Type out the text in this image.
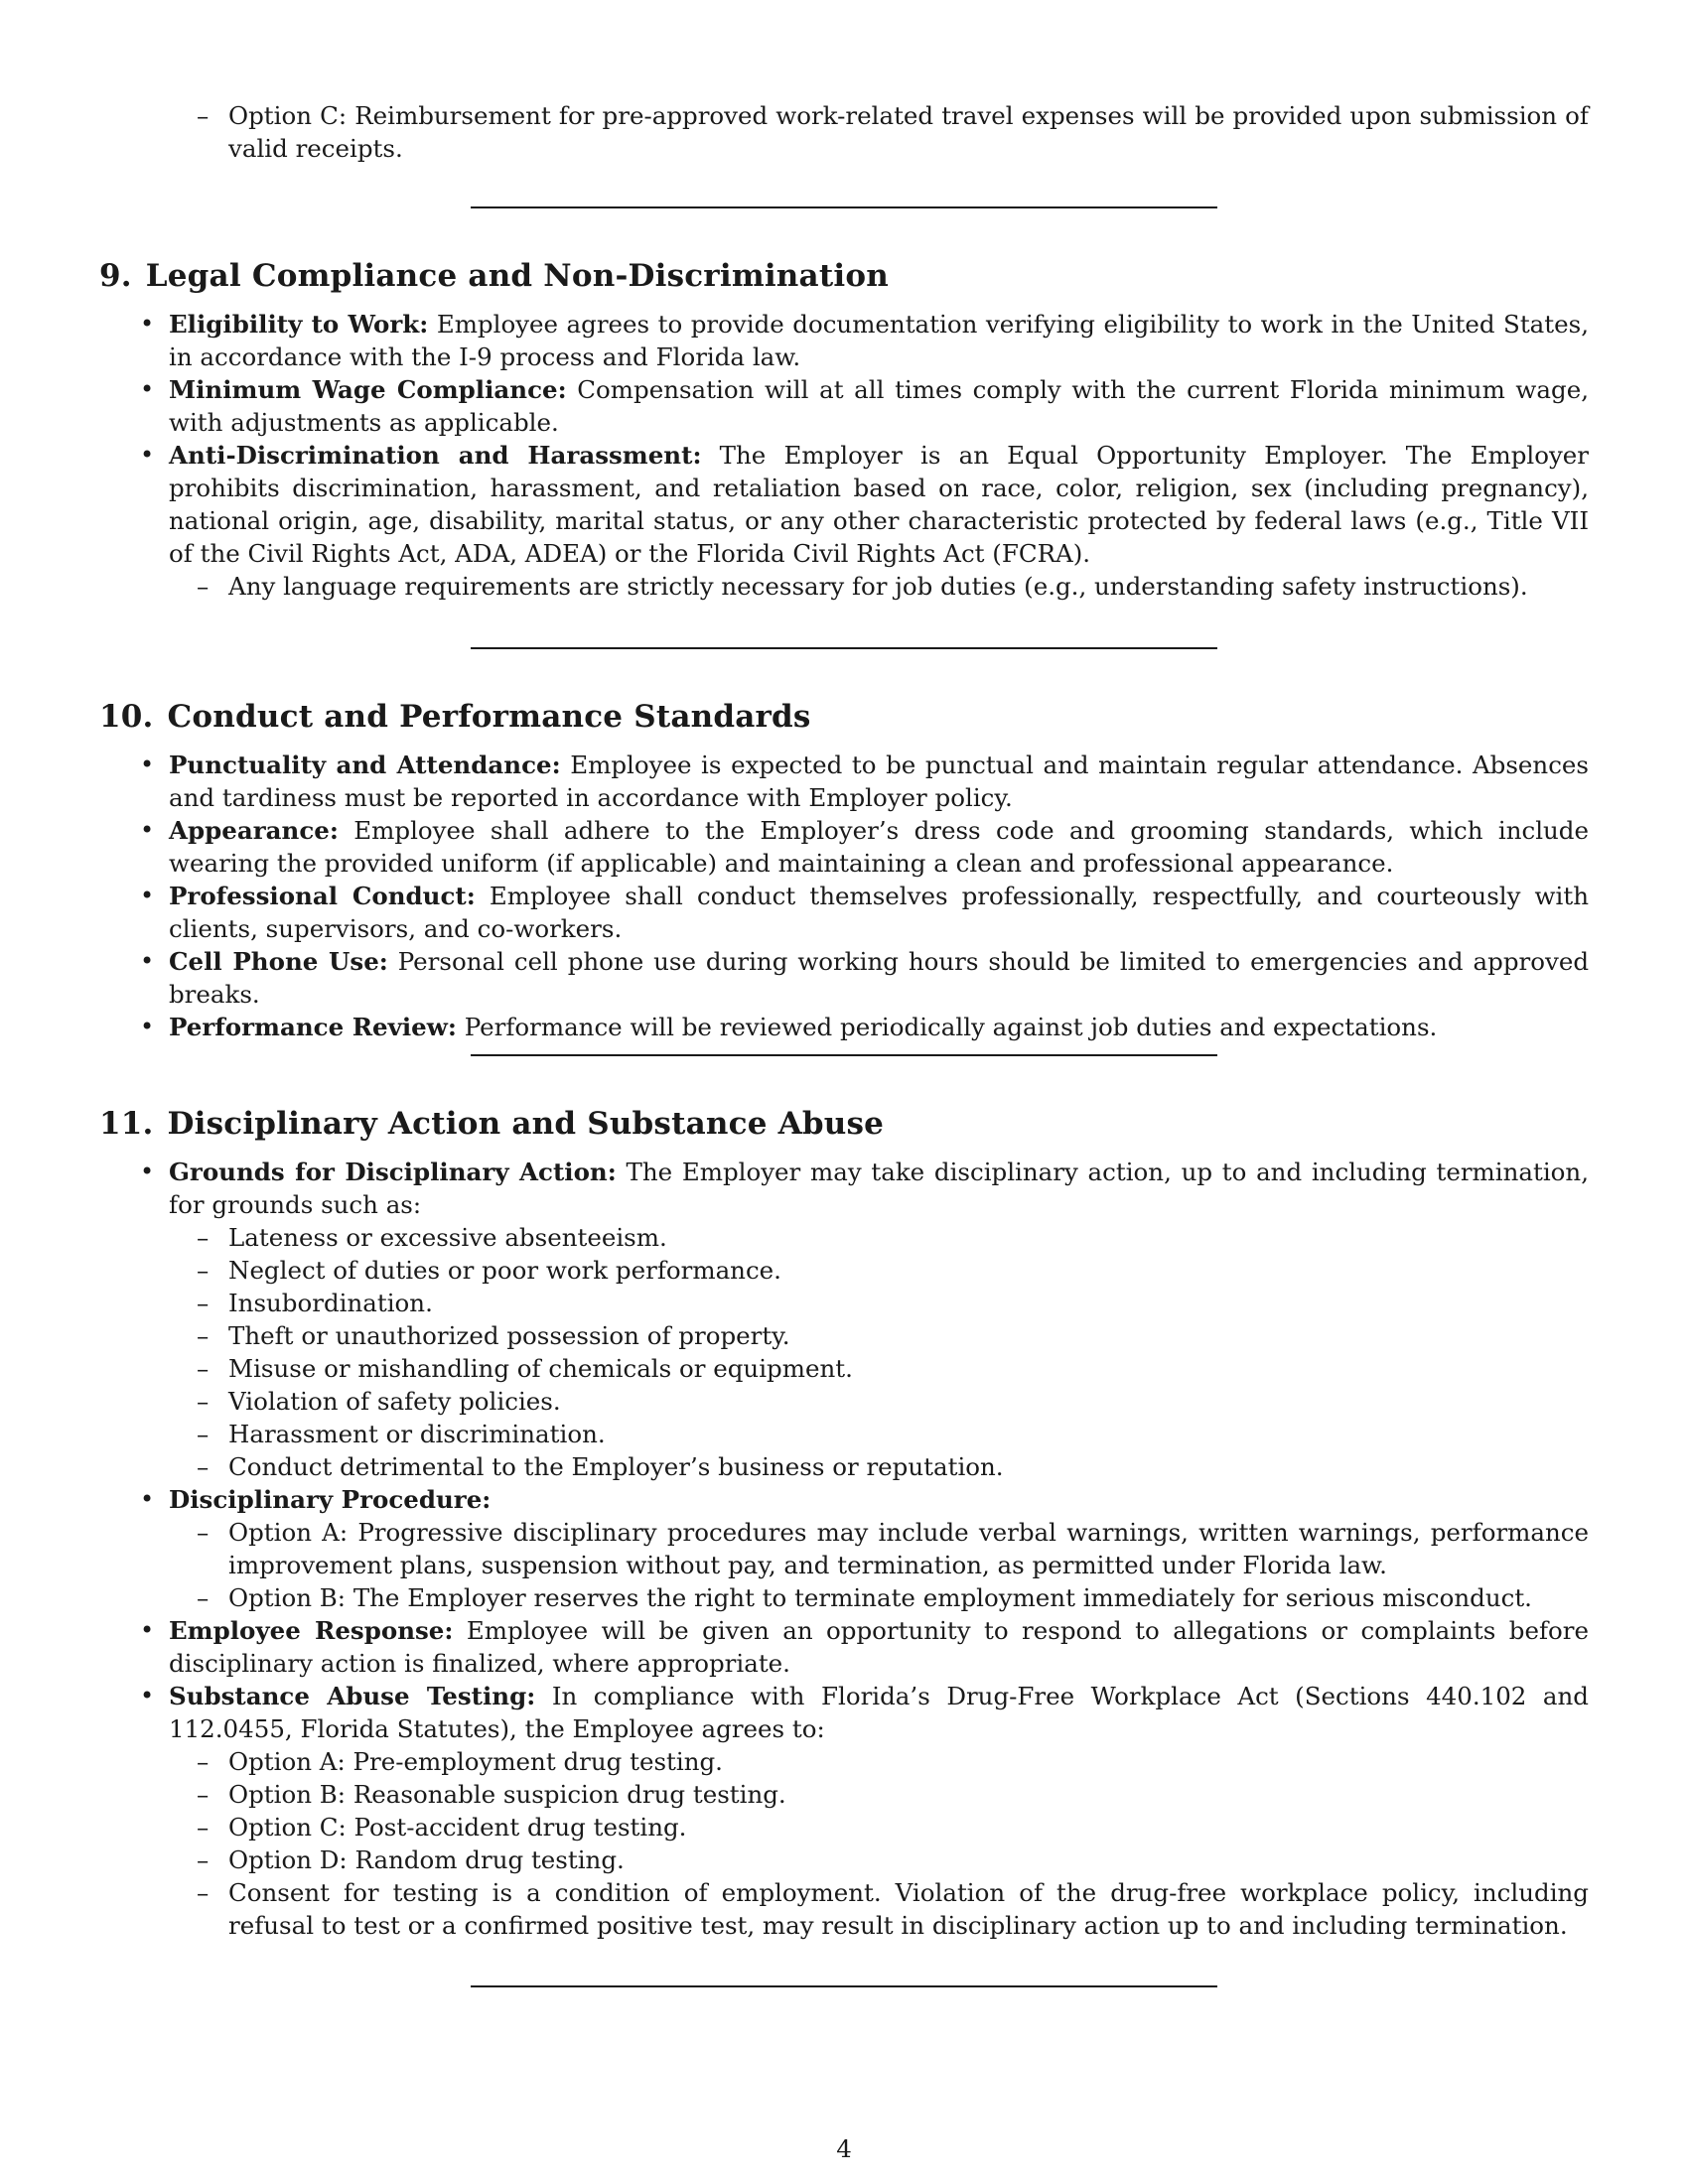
– Option C: Reimbursement for pre-approved work-related travel expenses will be provided upon submission of valid receipts.
9. Legal Compliance and Non-Discrimination
• Eligibility to Work: Employee agrees to provide documentation verifying eligibility to work in the United States, in accordance with the I-9 process and Florida law.
• Minimum Wage Compliance: Compensation will at all times comply with the current Florida minimum wage, with adjustments as applicable.
• Anti-Discrimination and Harassment: The Employer is an Equal Opportunity Employer. The Employer prohibits discrimination, harassment, and retaliation based on race, color, religion, sex (including pregnancy), national origin, age, disability, marital status, or any other characteristic protected by federal laws (e.g., Title VII of the Civil Rights Act, ADA, ADEA) or the Florida Civil Rights Act (FCRA).
– Any language requirements are strictly necessary for job duties (e.g., understanding safety instructions).
10. Conduct and Performance Standards
• Punctuality and Attendance: Employee is expected to be punctual and maintain regular attendance. Absences and tardiness must be reported in accordance with Employer policy.
• Appearance: Employee shall adhere to the Employer’s dress code and grooming standards, which include wearing the provided uniform (if applicable) and maintaining a clean and professional appearance.
• Professional Conduct: Employee shall conduct themselves professionally, respectfully, and courteously with clients, supervisors, and co-workers.
• Cell Phone Use: Personal cell phone use during working hours should be limited to emergencies and approved breaks.
• Performance Review: Performance will be reviewed periodically against job duties and expectations.
11. Disciplinary Action and Substance Abuse
• Grounds for Disciplinary Action: The Employer may take disciplinary action, up to and including termination, for grounds such as:
– Lateness or excessive absenteeism.
– Neglect of duties or poor work performance.
– Insubordination.
– Theft or unauthorized possession of property.
– Misuse or mishandling of chemicals or equipment.
– Violation of safety policies.
– Harassment or discrimination.
– Conduct detrimental to the Employer’s business or reputation.
• Disciplinary Procedure:
– Option A: Progressive disciplinary procedures may include verbal warnings, written warnings, performance improvement plans, suspension without pay, and termination, as permitted under Florida law.
– Option B: The Employer reserves the right to terminate employment immediately for serious misconduct.
• Employee Response: Employee will be given an opportunity to respond to allegations or complaints before disciplinary action is finalized, where appropriate.
• Substance Abuse Testing: In compliance with Florida’s Drug-Free Workplace Act (Sections 440.102 and 112.0455, Florida Statutes), the Employee agrees to:
– Option A: Pre-employment drug testing.
– Option B: Reasonable suspicion drug testing.
– Option C: Post-accident drug testing.
– Option D: Random drug testing.
– Consent for testing is a condition of employment. Violation of the drug-free workplace policy, including refusal to test or a confirmed positive test, may result in disciplinary action up to and including termination.
4
